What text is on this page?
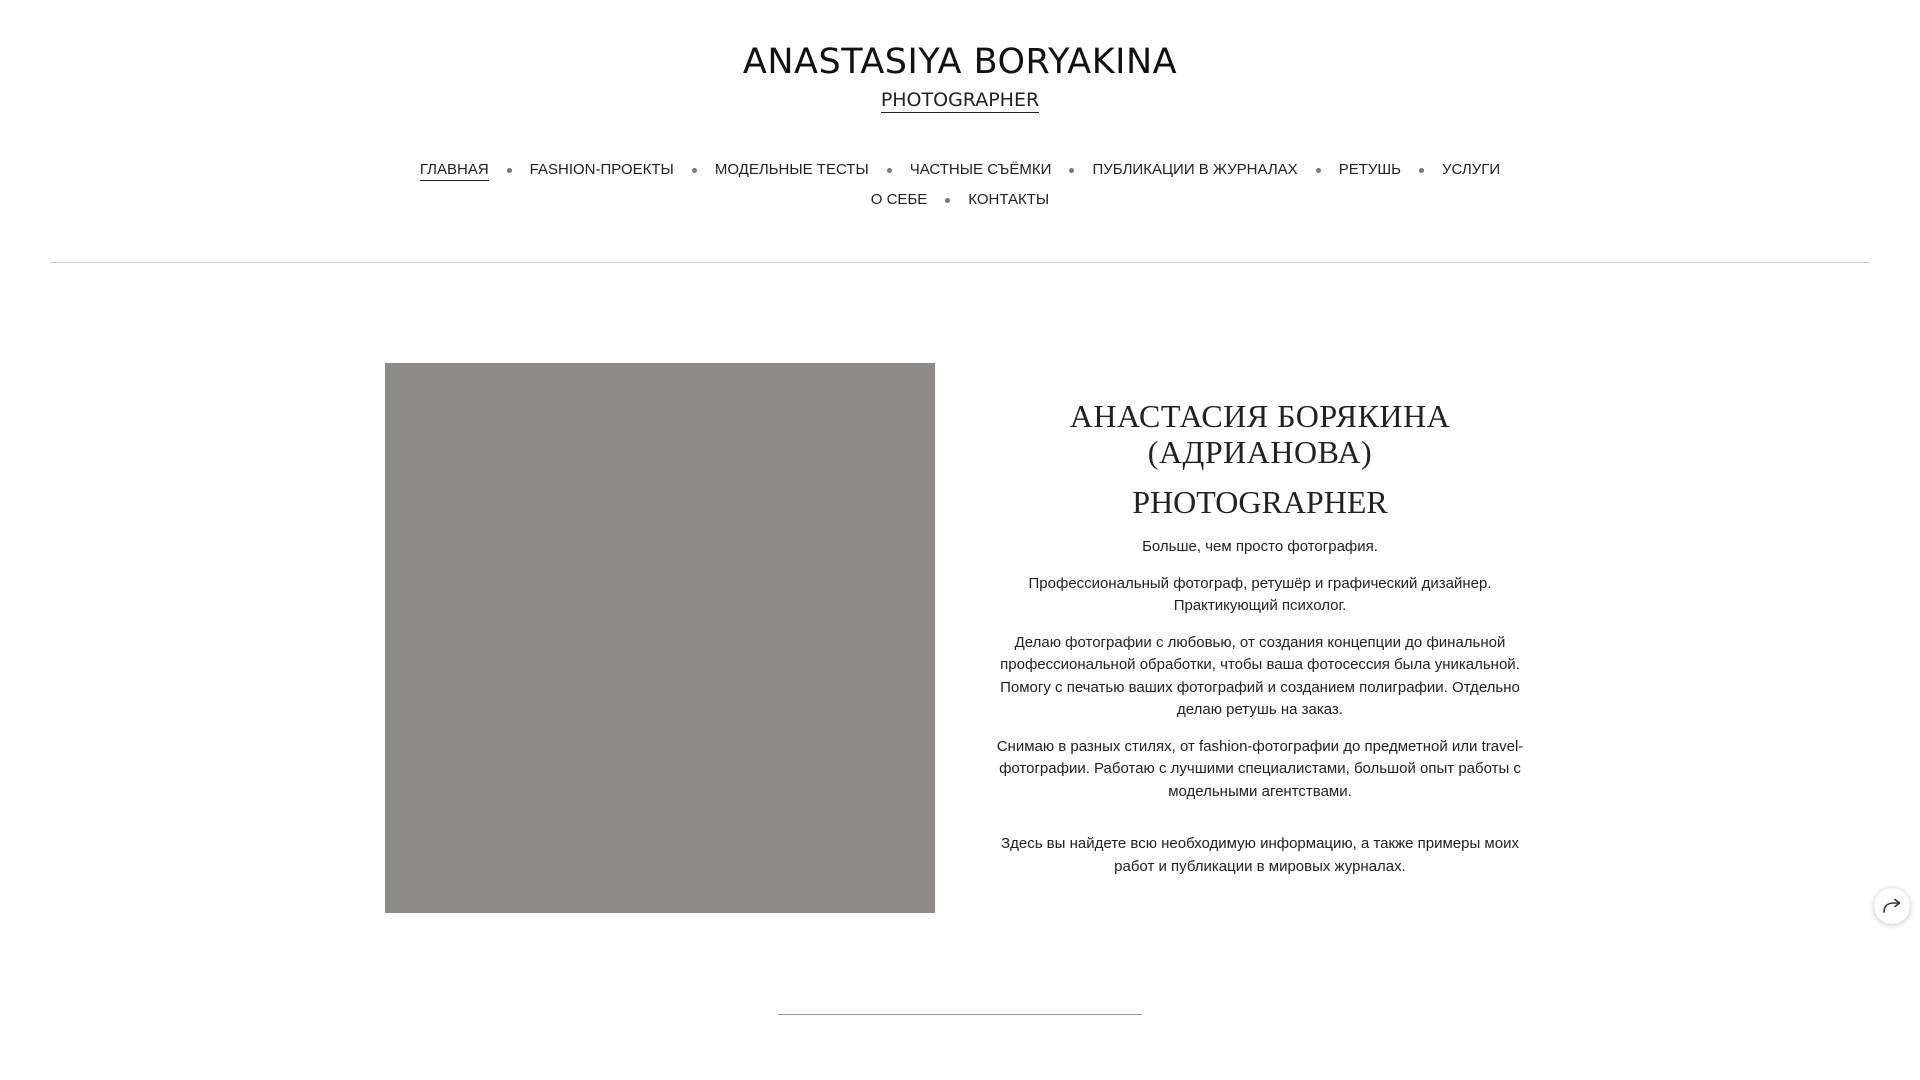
ANASTASIYA BORYAKINA
PHOTOGRAPHER
ГЛАВНАЯ	FASHION-ПРОЕКТЫ	МОДЕЛЬНЫЕ ТЕСТЫ	ЧАСТНЫЕ СЪЁМКИ	ПУБЛИКАЦИИ В ЖУРНАЛАХ	РЕТУШЬ	УСЛУГИ
О СЕБЕ	КОНТАКТЫ
АНАСТАСИЯ БОРЯКИНА
(АДРИАНОВА)
PHOTOGRAPHER

Больше, чем просто фотография.

Профессиональный фотограф, ретушёр и графический дизайнер. Практикующий психолог.

Делаю фотографии с любовью, от создания концепции до финальной профессиональной обработки, чтобы ваша фотосессия была уникальной. Помогу с печатью ваших фотографий и созданием полиграфии. Отдельно делаю ретушь на заказ.

Снимаю в разных стилях, от fashion-фотографии до предметной или travel-фотографии. Работаю с лучшими специалистами, большой опыт работы с модельными агентствами.

Здесь вы найдете всю необходимую информацию, а также примеры моих работ и публикации в мировых журналах.
